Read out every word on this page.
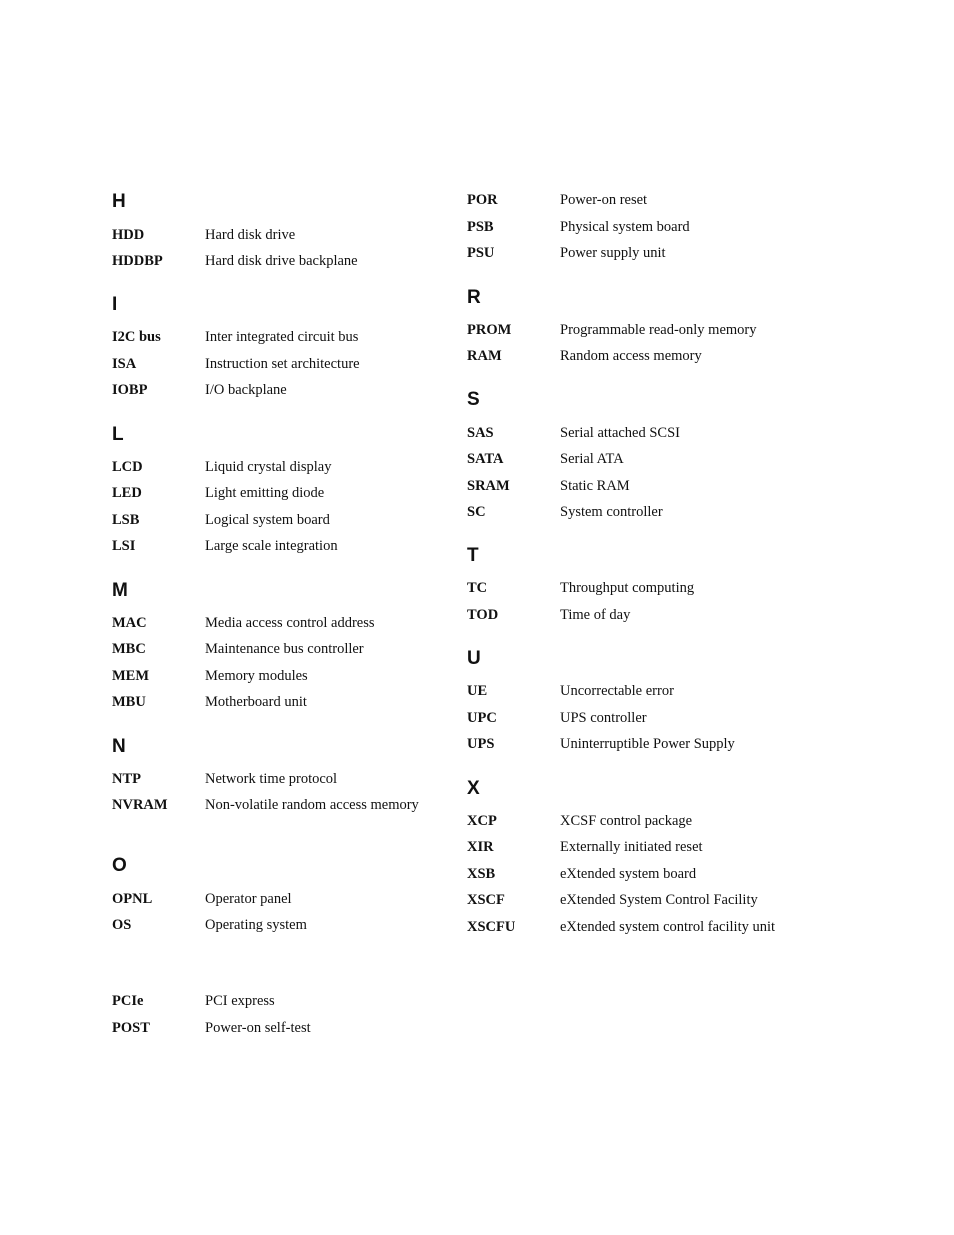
H
HDD	Hard disk drive
HDDBP	Hard disk drive backplane
I
I2C bus	Inter integrated circuit bus
ISA	Instruction set architecture
IOBP	I/O backplane
L
LCD	Liquid crystal display
LED	Light emitting diode
LSB	Logical system board
LSI	Large scale integration
M
MAC	Media access control address
MBC	Maintenance bus controller
MEM	Memory modules
MBU	Motherboard unit
N
NTP	Network time protocol
NVRAM	Non-volatile random access memory
O
OPNL	Operator panel
OS	Operating system
PCIe	PCI express
POST	Power-on self-test
POR	Power-on reset
PSB	Physical system board
PSU	Power supply unit
R
PROM	Programmable read-only memory
RAM	Random access memory
S
SAS	Serial attached SCSI
SATA	Serial ATA
SRAM	Static RAM
SC	System controller
T
TC	Throughput computing
TOD	Time of day
U
UE	Uncorrectable error
UPC	UPS controller
UPS	Uninterruptible Power Supply
X
XCP	XCSF control package
XIR	Externally initiated reset
XSB	eXtended system board
XSCF	eXtended System Control Facility
XSCFU	eXtended system control facility unit
